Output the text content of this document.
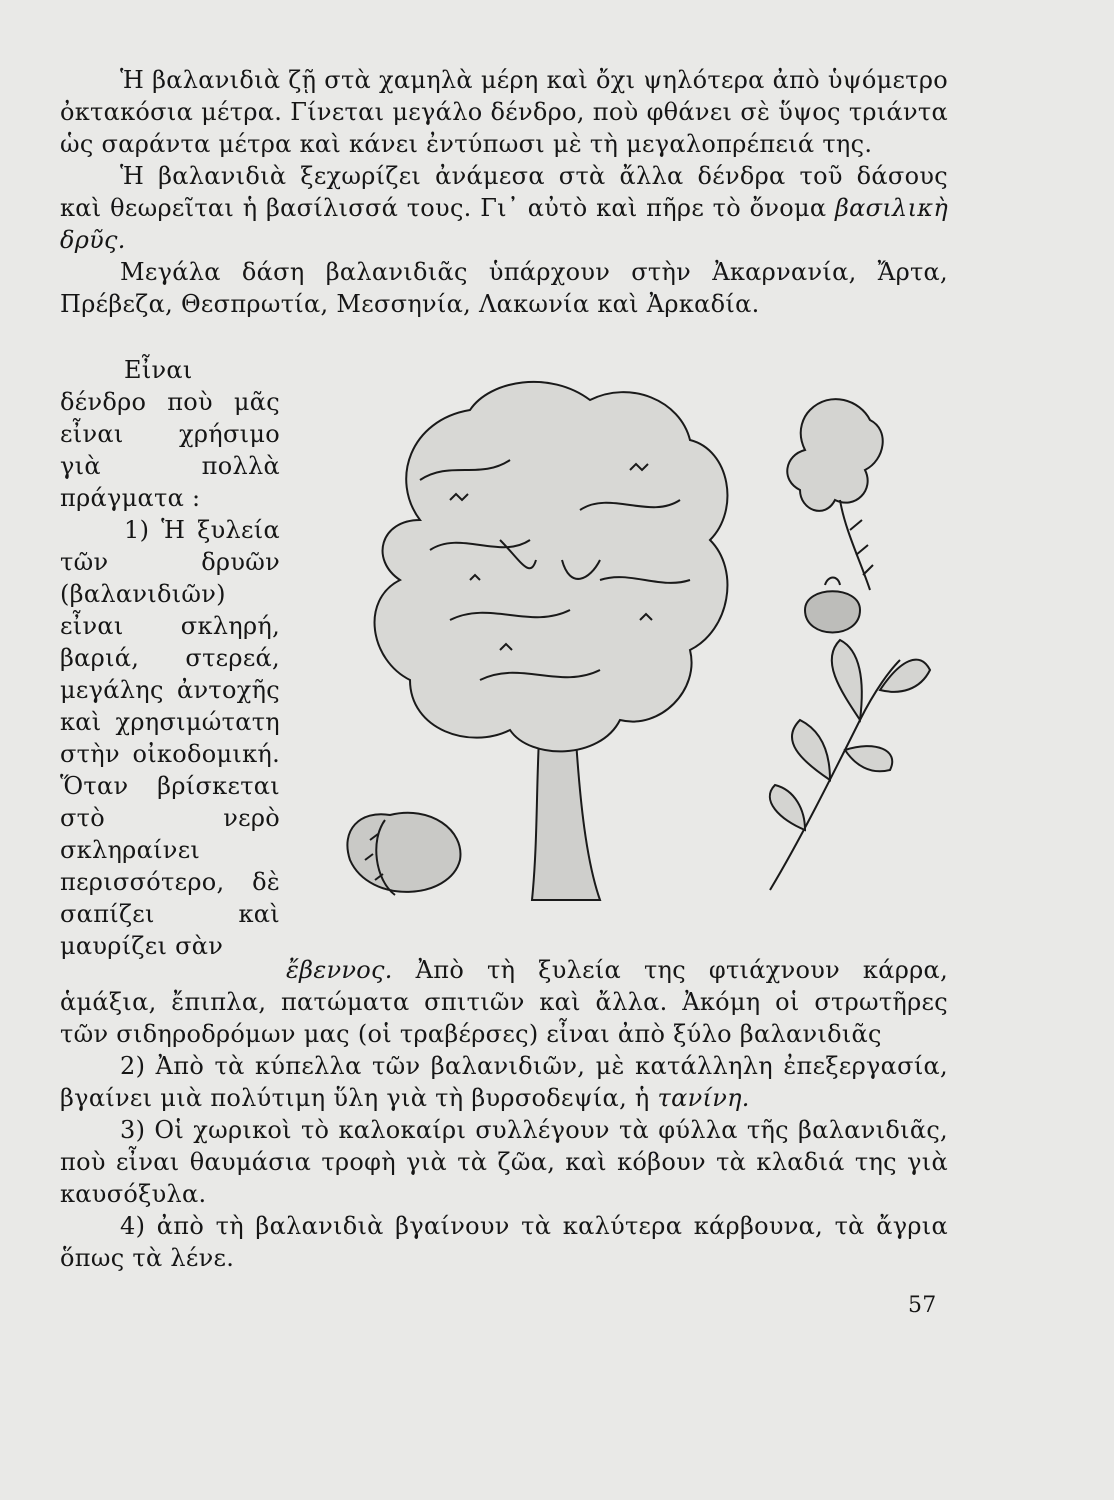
Ἡ βαλανιδιὰ ζῇ στὰ χαμηλὰ μέρη καὶ ὄχι ψηλότερα ἀπὸ ὑψόμετρο ὀκτακόσια μέτρα. Γίνεται μεγάλο δένδρο, ποὺ φθάνει σὲ ὕψος τριάντα ὡς σαράντα μέτρα καὶ κάνει ἐντύπωσι μὲ τὴ μεγαλοπρέπειά της.

Ἡ βαλανιδιὰ ξεχωρίζει ἀνάμεσα στὰ ἄλλα δένδρα τοῦ δάσους καὶ θεωρεῖται ἡ βασίλισσά τους. Γι᾽ αὐτὸ καὶ πῆρε τὸ ὄνομα βασιλικὴ δρῦς.

Μεγάλα δάση βαλανιδιᾶς ὑπάρχουν στὴν Ἀκαρνανία, Ἄρτα, Πρέβεζα, Θεσπρωτία, Μεσσηνία, Λακωνία καὶ Ἀρκαδία.

Εἶναι δένδρο ποὺ μᾶς εἶναι χρήσιμο γιὰ πολλὰ πράγματα :

1) Ἡ ξυλεία τῶν δρυῶν (βαλανιδιῶν) εἶναι σκληρή, βαριά, στερεά, μεγάλης ἀντοχῆς καὶ χρησιμώτατη στὴν οἰκοδομική. Ὅταν βρίσκεται στὸ νερὸ σκληραίνει περισσότερο, δὲ σαπίζει καὶ μαυρίζει σὰν

ἔβεννος. Ἀπὸ τὴ ξυλεία της φτιάχνουν κάρρα, ἁμάξια, ἔπιπλα, πατώματα σπιτιῶν καὶ ἄλλα. Ἀκόμη οἱ στρωτῆρες τῶν σιδηροδρόμων μας (οἱ τραβέρσες) εἶναι ἀπὸ ξύλο βαλανιδιᾶς

2) Ἀπὸ τὰ κύπελλα τῶν βαλανιδιῶν, μὲ κατάλληλη ἐπεξεργασία, βγαίνει μιὰ πολύτιμη ὕλη γιὰ τὴ βυρσοδεψία, ἡ τανίνη.

3) Οἱ χωρικοὶ τὸ καλοκαίρι συλλέγουν τὰ φύλλα τῆς βαλανιδιᾶς, ποὺ εἶναι θαυμάσια τροφὴ γιὰ τὰ ζῶα, καὶ κόβουν τὰ κλαδιά της γιὰ καυσόξυλα.

4) ἀπὸ τὴ βαλανιδιὰ βγαίνουν τὰ καλύτερα κάρβουνα, τὰ ἄγρια ὅπως τὰ λένε.

57
